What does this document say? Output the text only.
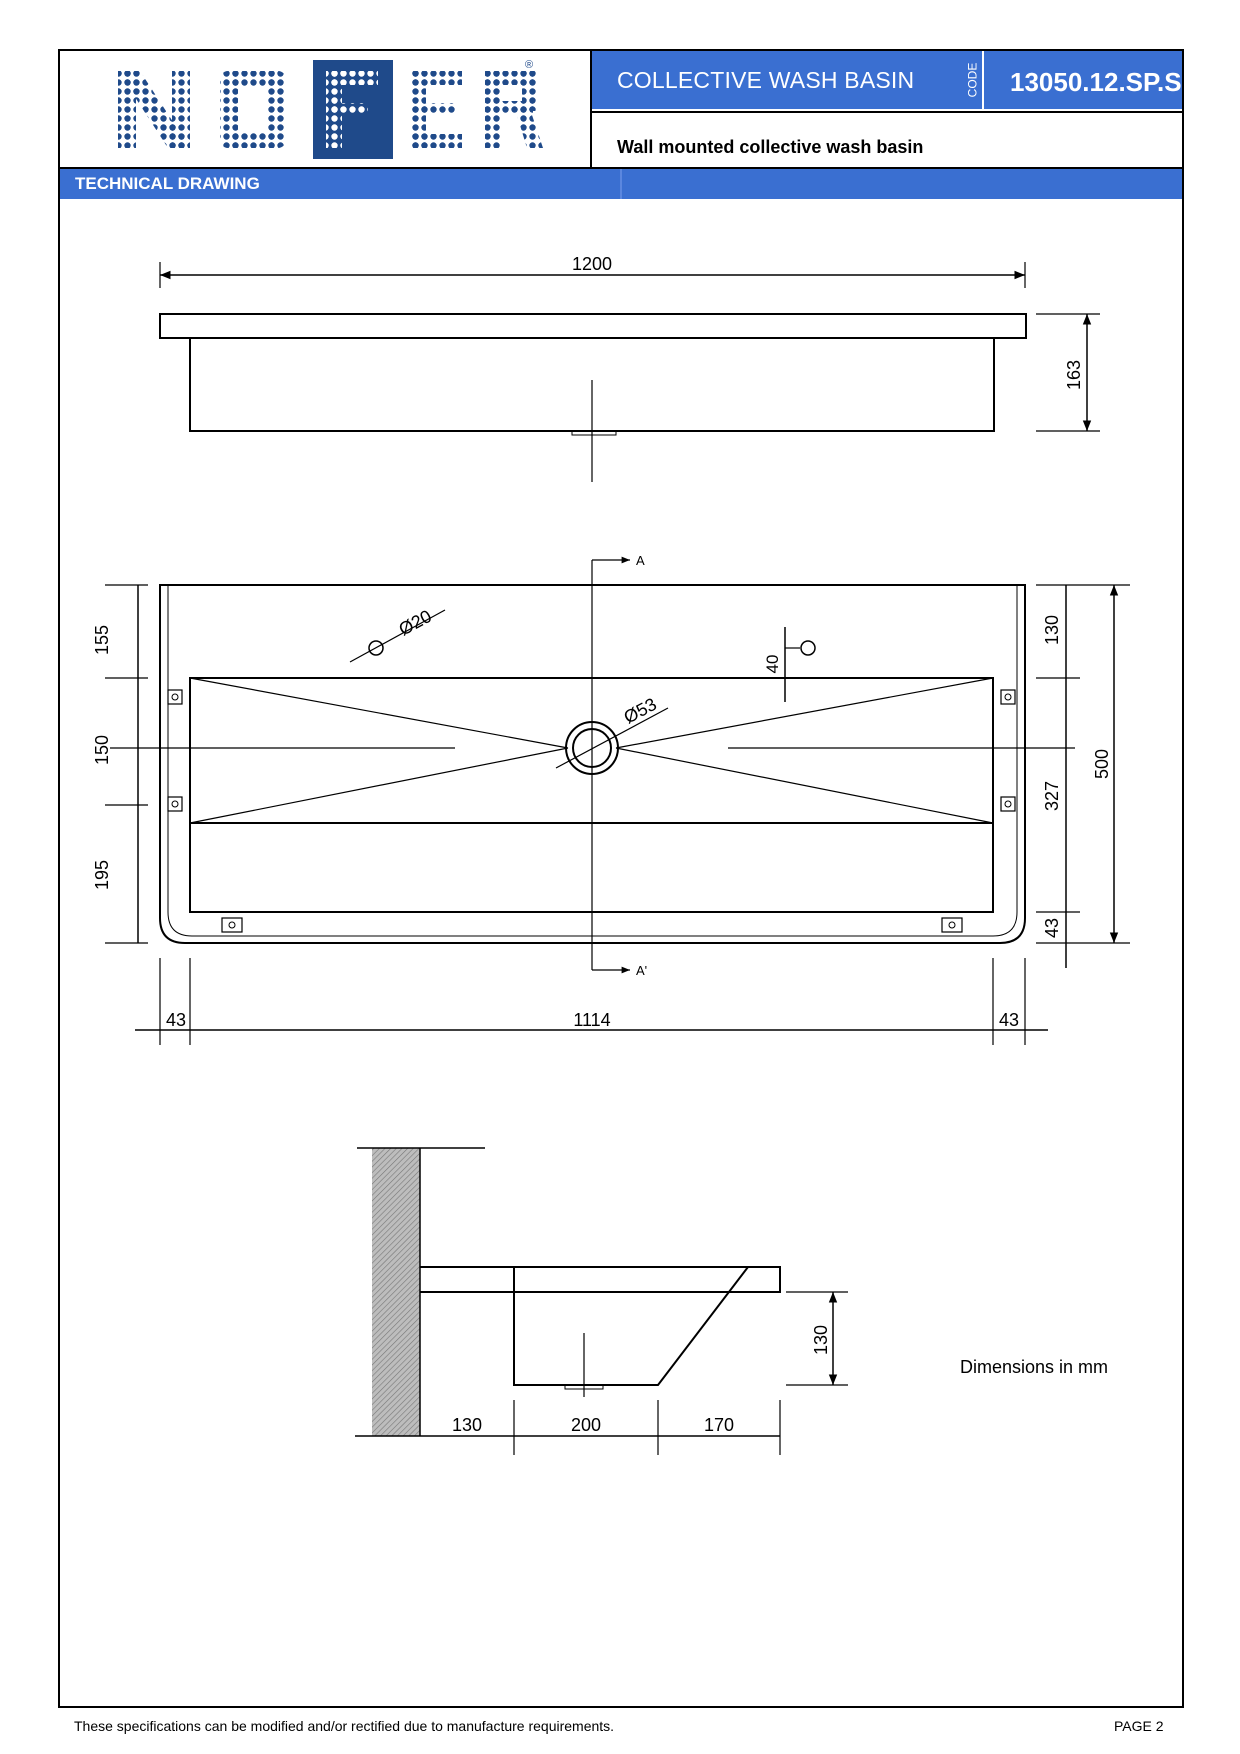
®
COLLECTIVE WASH BASIN	CODE 13050.12.SP.S
Wall mounted collective wash basin
TECHNICAL DRAWING
1200
163
155
150
195
130
327
43
500
43	1114	43
Ø20
Ø53
40
A
A'
130
130	200	170
Dimensions in mm
These specifications can be modified and/or rectified due to manufacture requirements.	PAGE 2
